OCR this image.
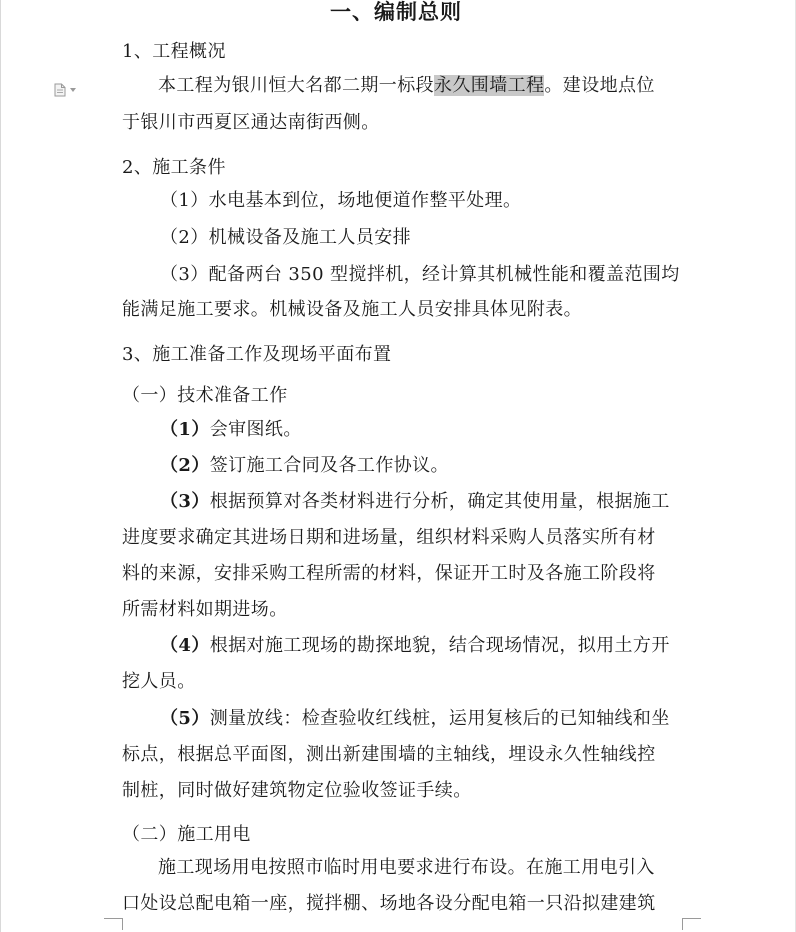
一、编制总则
1、工程概况
本工程为银川恒大名都二期一标段永久围墙工程。建设地点位
于银川市西夏区通达南街西侧。
2、施工条件
（1）水电基本到位，场地便道作整平处理。
（2）机械设备及施工人员安排
（3）配备两台 350 型搅拌机，经计算其机械性能和覆盖范围均
能满足施工要求。机械设备及施工人员安排具体见附表。
3、施工准备工作及现场平面布置
（一）技术准备工作
（1）会审图纸。
（2）签订施工合同及各工作协议。
（3）根据预算对各类材料进行分析，确定其使用量，根据施工
进度要求确定其进场日期和进场量，组织材料采购人员落实所有材
料的来源，安排采购工程所需的材料，保证开工时及各施工阶段将
所需材料如期进场。
（4）根据对施工现场的勘探地貌，结合现场情况，拟用土方开
挖人员。
（5）测量放线：检查验收红线桩，运用复核后的已知轴线和坐
标点，根据总平面图，测出新建围墙的主轴线，埋设永久性轴线控
制桩，同时做好建筑物定位验收签证手续。
（二）施工用电
施工现场用电按照市临时用电要求进行布设。在施工用电引入
口处设总配电箱一座，搅拌棚、场地各设分配电箱一只沿拟建建筑
